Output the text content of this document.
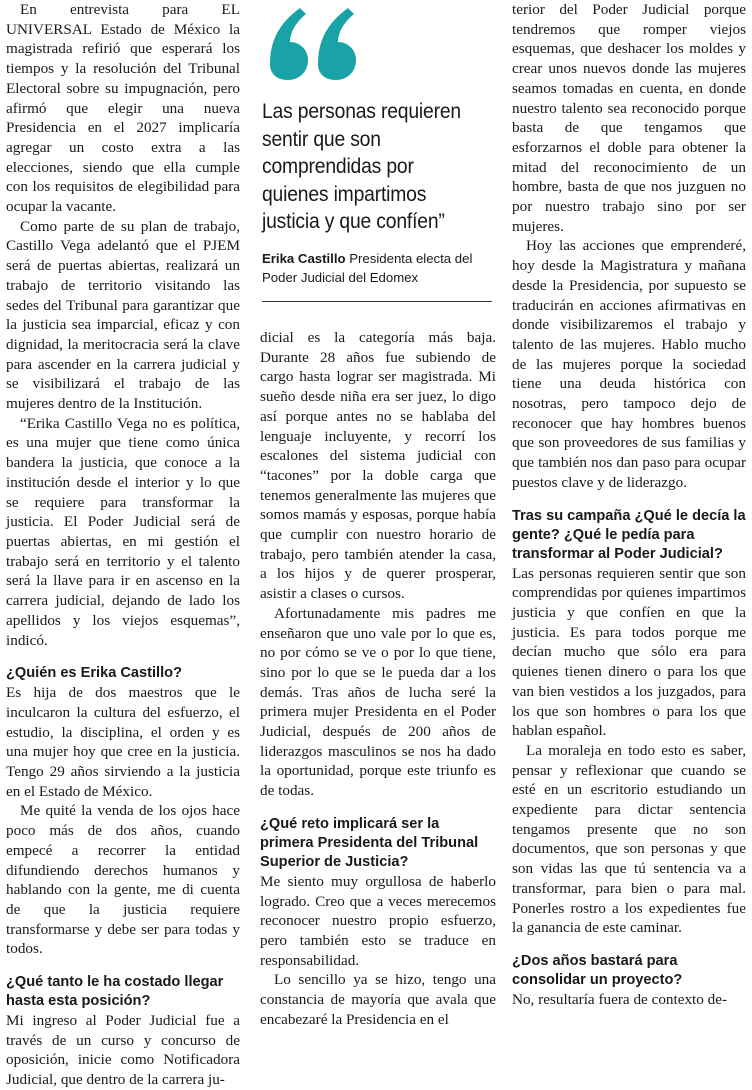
En entrevista para EL UNIVERSAL Estado de México la magistrada refirió que esperará los tiempos y la resolución del Tribunal Electoral sobre su impugnación, pero afirmó que elegir una nueva Presidencia en el 2027 implicaría agregar un costo extra a las elecciones, siendo que ella cumple con los requisitos de elegibilidad para ocupar la vacante.

Como parte de su plan de trabajo, Castillo Vega adelantó que el PJEM será de puertas abiertas, realizará un trabajo de territorio visitando las sedes del Tribunal para garantizar que la justicia sea imparcial, eficaz y con dignidad, la meritocracia será la clave para ascender en la carrera judicial y se visibilizará el trabajo de las mujeres dentro de la Institución.

“Erika Castillo Vega no es política, es una mujer que tiene como única bandera la justicia, que conoce a la institución desde el interior y lo que se requiere para transformar la justicia. El Poder Judicial será de puertas abiertas, en mi gestión el trabajo será en territorio y el talento será la llave para ir en ascenso en la carrera judicial, dejando de lado los apellidos y los viejos esquemas”, indicó.

¿Quién es Erika Castillo?

Es hija de dos maestros que le inculcaron la cultura del esfuerzo, el estudio, la disciplina, el orden y es una mujer hoy que cree en la justicia. Tengo 29 años sirviendo a la justicia en el Estado de México.

Me quité la venda de los ojos hace poco más de dos años, cuando empecé a recorrer la entidad difundiendo derechos humanos y hablando con la gente, me di cuenta de que la justicia requiere transformarse y debe ser para todas y todos.

¿Qué tanto le ha costado llegar hasta esta posición?

Mi ingreso al Poder Judicial fue a través de un curso y concurso de oposición, inicie como Notificadora Judicial, que dentro de la carrera ju-

Las personas requieren sentir que son comprendidas por quienes impartimos justicia y que confíen”
Erika Castillo Presidenta electa del Poder Judicial del Edomex

dicial es la categoría más baja. Durante 28 años fue subiendo de cargo hasta lograr ser magistrada. Mi sueño desde niña era ser juez, lo digo así porque antes no se hablaba del lenguaje incluyente, y recorrí los escalones del sistema judicial con “tacones” por la doble carga que tenemos generalmente las mujeres que somos mamás y esposas, porque había que cumplir con nuestro horario de trabajo, pero también atender la casa, a los hijos y de querer prosperar, asistir a clases o cursos.

Afortunadamente mis padres me enseñaron que uno vale por lo que es, no por cómo se ve o por lo que tiene, sino por lo que se le pueda dar a los demás. Tras años de lucha seré la primera mujer Presidenta en el Poder Judicial, después de 200 años de liderazgos masculinos se nos ha dado la oportunidad, porque este triunfo es de todas.

¿Qué reto implicará ser la primera Presidenta del Tribunal Superior de Justicia?

Me siento muy orgullosa de haberlo logrado. Creo que a veces merecemos reconocer nuestro propio esfuerzo, pero también esto se traduce en responsabilidad.

Lo sencillo ya se hizo, tengo una constancia de mayoría que avala que encabezaré la Presidencia en el

terior del Poder Judicial porque tendremos que romper viejos esquemas, que deshacer los moldes y crear unos nuevos donde las mujeres seamos tomadas en cuenta, en donde nuestro talento sea reconocido porque basta de que tengamos que esforzarnos el doble para obtener la mitad del reconocimiento de un hombre, basta de que nos juzguen no por nuestro trabajo sino por ser mujeres.

Hoy las acciones que emprenderé, hoy desde la Magistratura y mañana desde la Presidencia, por supuesto se traducirán en acciones afirmativas en donde visibilizaremos el trabajo y talento de las mujeres. Hablo mucho de las mujeres porque la sociedad tiene una deuda histórica con nosotras, pero tampoco dejo de reconocer que hay hombres buenos que son proveedores de sus familias y que también nos dan paso para ocupar puestos clave y de liderazgo.

Tras su campaña ¿Qué le decía la gente? ¿Qué le pedía para transformar al Poder Judicial?

Las personas requieren sentir que son comprendidas por quienes impartimos justicia y que confíen en que la justicia. Es para todos porque me decían mucho que sólo era para quienes tienen dinero o para los que van bien vestidos a los juzgados, para los que son hombres o para los que hablan español.

La moraleja en todo esto es saber, pensar y reflexionar que cuando se esté en un escritorio estudiando un expediente para dictar sentencia tengamos presente que no son documentos, que son personas y que son vidas las que tú sentencia va a transformar, para bien o para mal. Ponerles rostro a los expedientes fue la ganancia de este caminar.

¿Dos años bastará para consolidar un proyecto?

No, resultaría fuera de contexto de-
